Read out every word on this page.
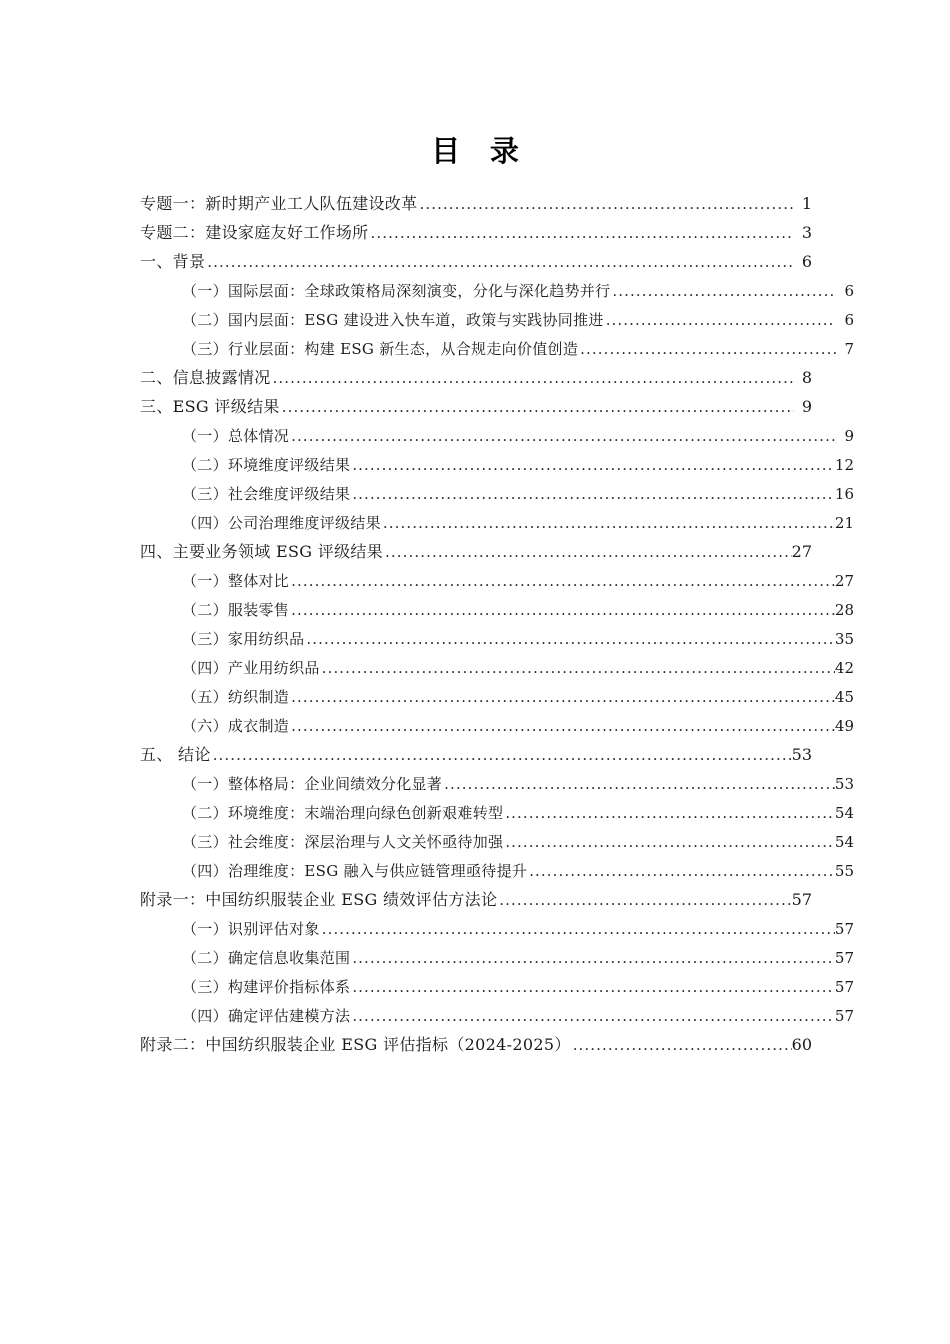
目 录
专题一：新时期产业工人队伍建设改革 .....	1
专题二：建设家庭友好工作场所 .....	3
一、背景 .....	6
（一）国际层面：全球政策格局深刻演变，分化与深化趋势并行 .....	6
（二）国内层面：ESG 建设进入快车道，政策与实践协同推进 .....	6
（三）行业层面：构建 ESG 新生态，从合规走向价值创造 .....	7
二、信息披露情况 .....	8
三、ESG 评级结果 .....	9
（一）总体情况 .....	9
（二）环境维度评级结果 .....	12
（三）社会维度评级结果 .....	16
（四）公司治理维度评级结果 .....	21
四、主要业务领域 ESG 评级结果 .....	27
（一）整体对比 .....	27
（二）服装零售 .....	28
（三）家用纺织品 .....	35
（四）产业用纺织品 .....	42
（五）纺织制造 .....	45
（六）成衣制造 .....	49
五、 结论 .....	53
（一）整体格局：企业间绩效分化显著 .....	53
（二）环境维度：末端治理向绿色创新艰难转型 .....	54
（三）社会维度：深层治理与人文关怀亟待加强 .....	54
（四）治理维度：ESG 融入与供应链管理亟待提升 .....	55
附录一：中国纺织服装企业 ESG 绩效评估方法论 .....	57
（一）识别评估对象 .....	57
（二）确定信息收集范围 .....	57
（三）构建评价指标体系 .....	57
（四）确定评估建模方法 .....	57
附录二：中国纺织服装企业 ESG 评估指标（2024-2025） .....	60
